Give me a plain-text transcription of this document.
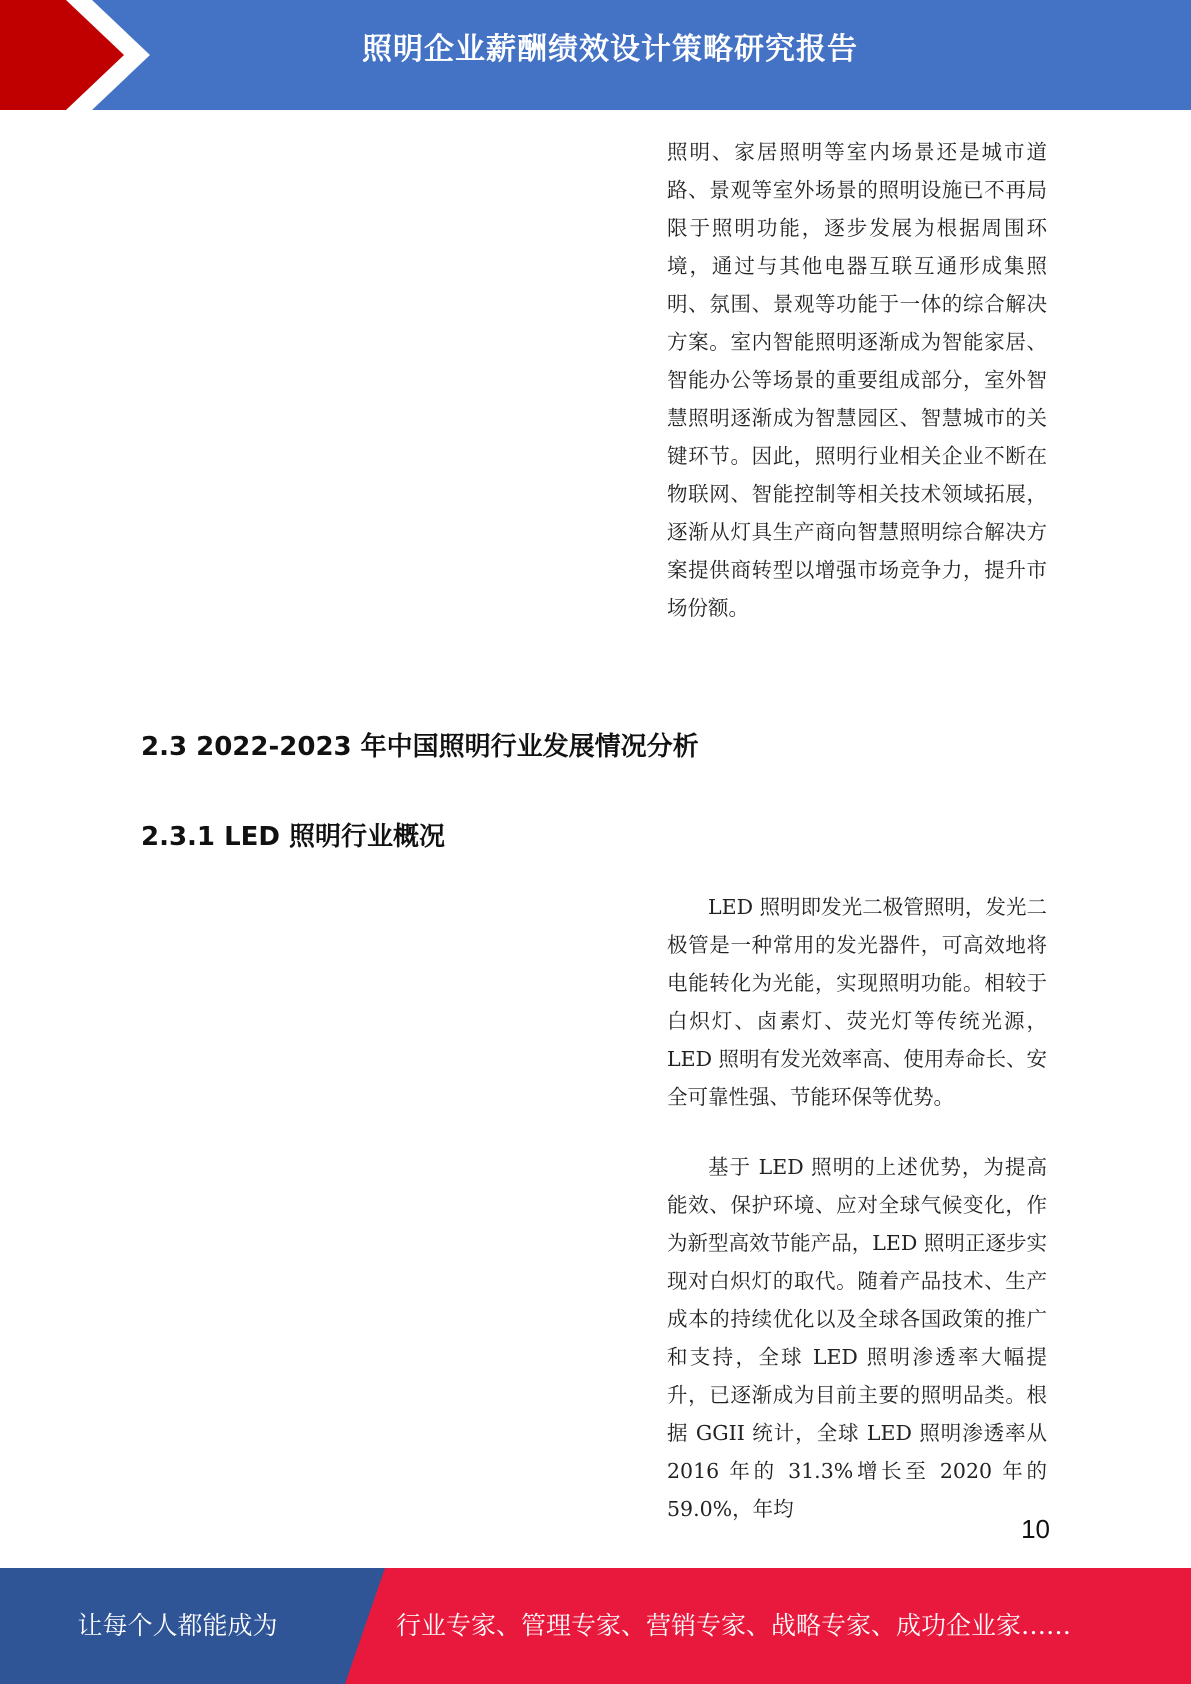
照明企业薪酬绩效设计策略研究报告

照明、家居照明等室内场景还是城市道路、景观等室外场景的照明设施已不再局限于照明功能，逐步发展为根据周围环境，通过与其他电器互联互通形成集照明、氛围、景观等功能于一体的综合解决方案。室内智能照明逐渐成为智能家居、智能办公等场景的重要组成部分，室外智慧照明逐渐成为智慧园区、智慧城市的关键环节。因此，照明行业相关企业不断在物联网、智能控制等相关技术领域拓展，逐渐从灯具生产商向智慧照明综合解决方案提供商转型以增强市场竞争力，提升市场份额。

2.3 2022-2023 年中国照明行业发展情况分析
2.3.1 LED 照明行业概况

LED 照明即发光二极管照明，发光二极管是一种常用的发光器件，可高效地将电能转化为光能，实现照明功能。相较于白炽灯、卤素灯、荧光灯等传统光源，LED 照明有发光效率高、使用寿命长、安全可靠性强、节能环保等优势。

基于 LED 照明的上述优势，为提高能效、保护环境、应对全球气候变化，作为新型高效节能产品，LED 照明正逐步实现对白炽灯的取代。随着产品技术、生产成本的持续优化以及全球各国政策的推广和支持，全球 LED 照明渗透率大幅提升，已逐渐成为目前主要的照明品类。根据 GGII 统计，全球 LED 照明渗透率从 2016 年的 31.3%增长至 2020 年的 59.0%，年均

10
让每个人都能成为	行业专家、管理专家、营销专家、战略专家、成功企业家……
